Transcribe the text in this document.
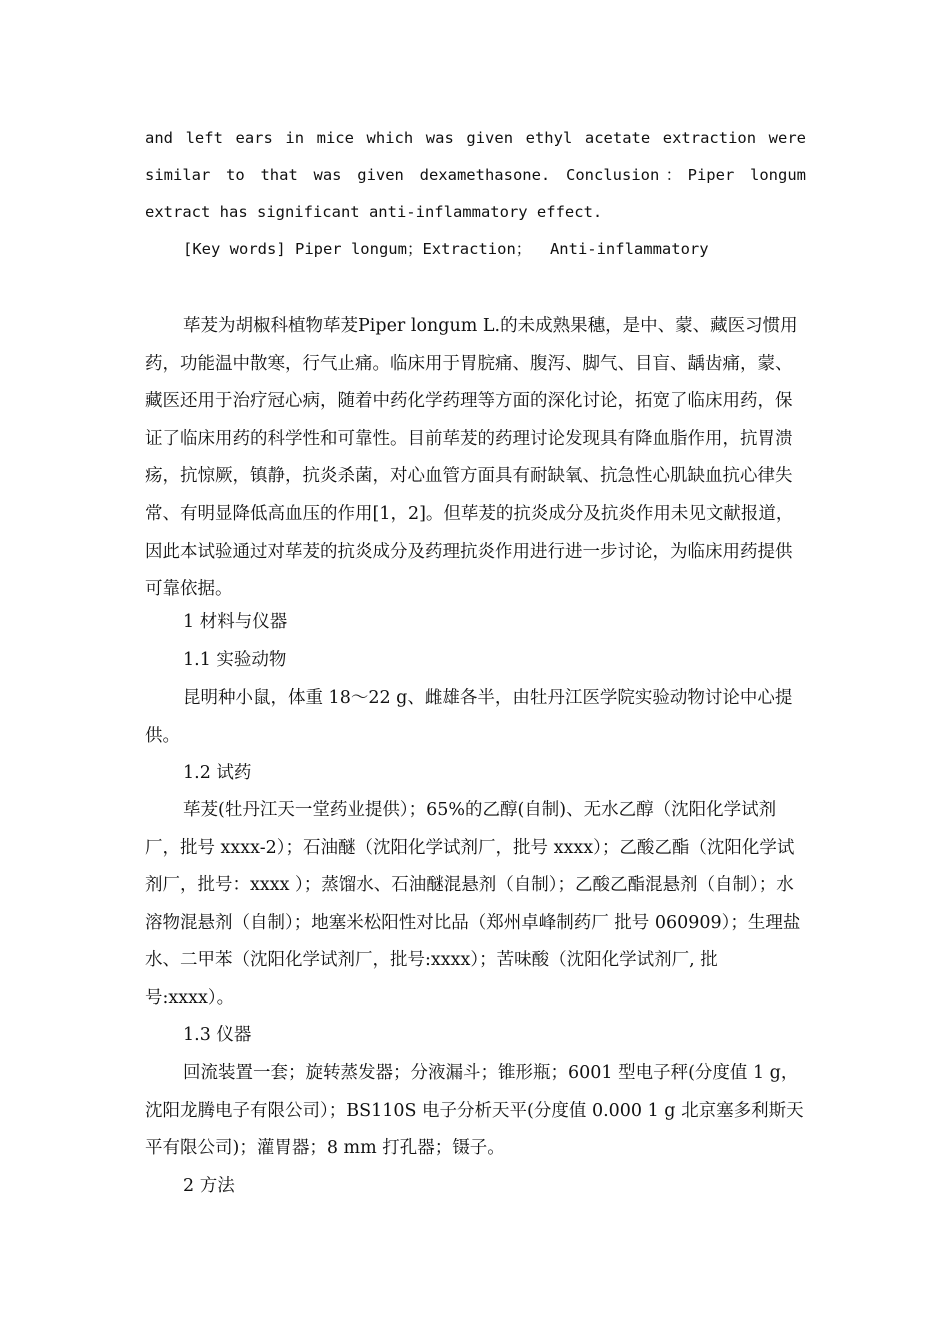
and left ears in mice which was given ethyl acetate extraction were

similar to that was given dexamethasone. Conclusion：Piper longum

extract has significant anti-inflammatory effect.

[Key words] Piper longum；Extraction；  Anti-inflammatory

荜茇为胡椒科植物荜茇Piper longum L.的未成熟果穗，是中、蒙、藏医习惯用药，功能温中散寒，行气止痛。临床用于胃脘痛、腹泻、脚气、目盲、龋齿痛，蒙、藏医还用于治疗冠心病，随着中药化学药理等方面的深化讨论，拓宽了临床用药，保证了临床用药的科学性和可靠性。目前荜茇的药理讨论发现具有降血脂作用，抗胃溃疡，抗惊厥，镇静，抗炎杀菌，对心血管方面具有耐缺氧、抗急性心肌缺血抗心律失常、有明显降低高血压的作用[1，2]。但荜茇的抗炎成分及抗炎作用未见文献报道，因此本试验通过对荜茇的抗炎成分及药理抗炎作用进行进一步讨论，为临床用药提供可靠依据。

1 材料与仪器

1.1 实验动物

昆明种小鼠，体重 18～22 g、雌雄各半，由牡丹江医学院实验动物讨论中心提供。

1.2 试药

荜茇(牡丹江天一堂药业提供）；65%的乙醇(自制)、无水乙醇（沈阳化学试剂厂，批号 xxxx-2）；石油醚（沈阳化学试剂厂，批号 xxxx）；乙酸乙酯（沈阳化学试剂厂，批号：xxxx ）；蒸馏水、石油醚混悬剂（自制）；乙酸乙酯混悬剂（自制）；水溶物混悬剂（自制）；地塞米松阳性对比品（郑州卓峰制药厂 批号 060909）；生理盐水、二甲苯（沈阳化学试剂厂，批号:xxxx）；苦味酸（沈阳化学试剂厂, 批号:xxxx）。

1.3 仪器

回流装置一套；旋转蒸发器；分液漏斗；锥形瓶；6001 型电子秤(分度值 1 g，沈阳龙腾电子有限公司）；BS110S 电子分析天平(分度值 0.000 1 g 北京塞多利斯天平有限公司)；灌胃器；8 mm 打孔器；镊子。

2 方法
